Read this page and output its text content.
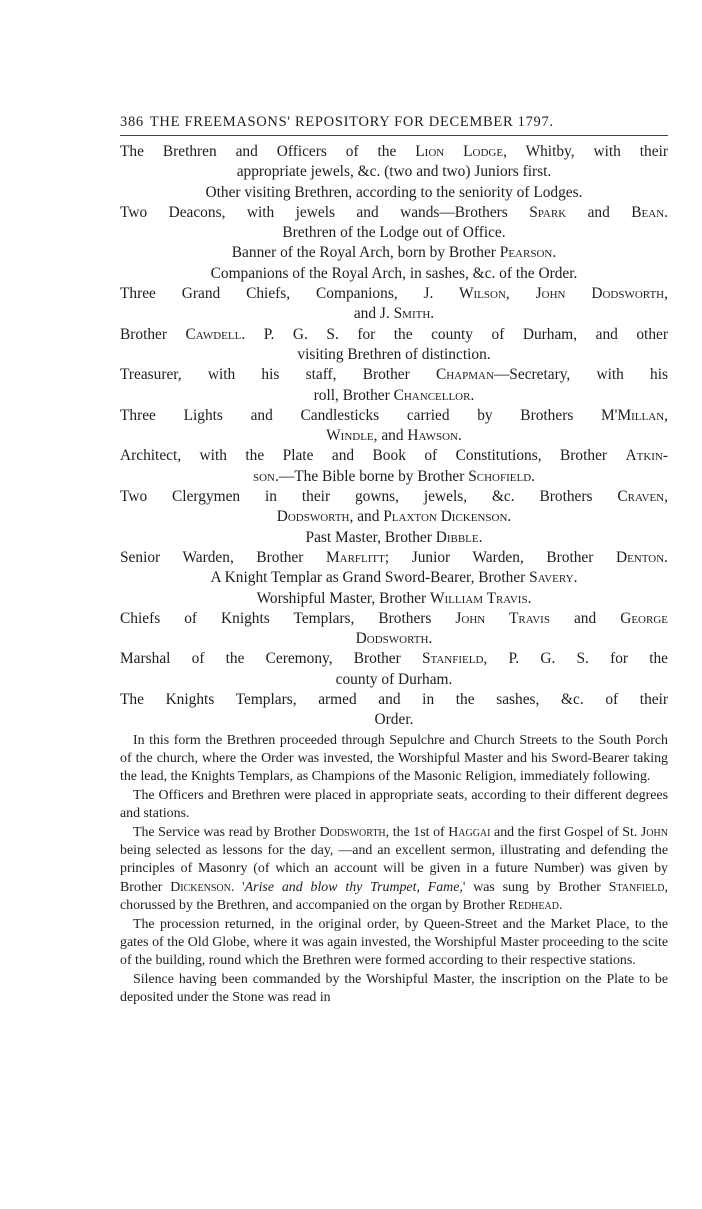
386 THE FREEMASONS' REPOSITORY FOR DECEMBER 1797.
The Brethren and Officers of the Lion Lodge, Whitby, with their
appropriate jewels, &c. (two and two) Juniors first.
Other visiting Brethren, according to the seniority of Lodges.
Two Deacons, with jewels and wands—Brothers Spark and Bean.
Brethren of the Lodge out of Office.
Banner of the Royal Arch, born by Brother Pearson.
Companions of the Royal Arch, in sashes, &c. of the Order.
Three Grand Chiefs, Companions, J. Wilson, John Dodsworth,
and J. Smith.
Brother Cawdell. P. G. S. for the county of Durham, and other
visiting Brethren of distinction.
Treasurer, with his staff, Brother Chapman—Secretary, with his
roll, Brother Chancellor.
Three Lights and Candlesticks carried by Brothers M'Millan,
Windle, and Hawson.
Architect, with the Plate and Book of Constitutions, Brother Atkin-
son.—The Bible borne by Brother Schofield.
Two Clergymen in their gowns, jewels, &c. Brothers Craven,
Dodsworth, and Plaxton Dickenson.
Past Master, Brother Dibble.
Senior Warden, Brother Marflitt; Junior Warden, Brother Denton.
A Knight Templar as Grand Sword-Bearer, Brother Savery.
Worshipful Master, Brother William Travis.
Chiefs of Knights Templars, Brothers John Travis and George
Dodsworth.
Marshal of the Ceremony, Brother Stanfield, P. G. S. for the
county of Durham.
The Knights Templars, armed and in the sashes, &c. of their
Order.

In this form the Brethren proceeded through Sepulchre and Church Streets to the South Porch of the church, where the Order was invested, the Worshipful Master and his Sword-Bearer taking the lead, the Knights Templars, as Champions of the Masonic Religion, immediately following.

The Officers and Brethren were placed in appropriate seats, according to their different degrees and stations.

The Service was read by Brother Dodsworth, the 1st of Haggai and the first Gospel of St. John being selected as lessons for the day, —and an excellent sermon, illustrating and defending the principles of Masonry (of which an account will be given in a future Number) was given by Brother Dickenson. 'Arise and blow thy Trumpet, Fame,' was sung by Brother Stanfield, chorussed by the Brethren, and accompanied on the organ by Brother Redhead.

The procession returned, in the original order, by Queen-Street and the Market Place, to the gates of the Old Globe, where it was again invested, the Worshipful Master proceeding to the scite of the building, round which the Brethren were formed according to their respective stations.

Silence having been commanded by the Worshipful Master, the inscription on the Plate to be deposited under the Stone was read in
